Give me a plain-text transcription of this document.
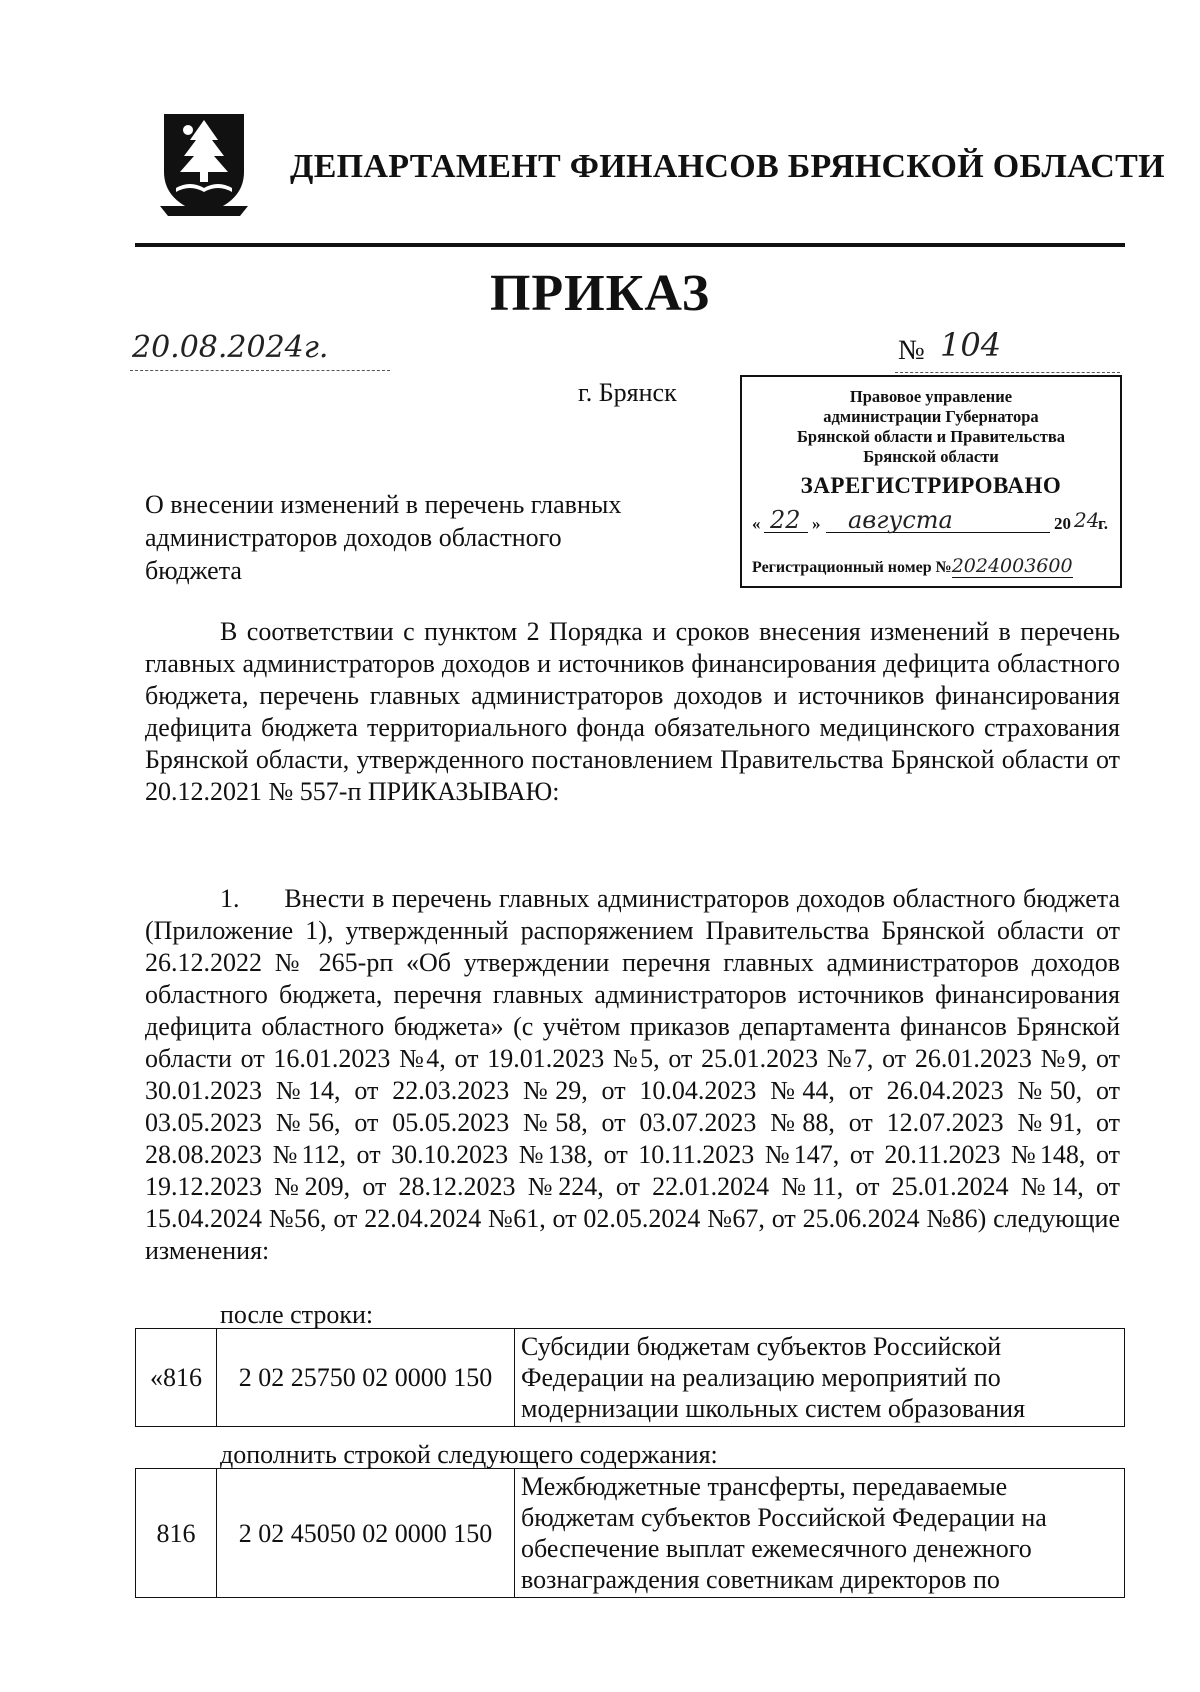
ДЕПАРТАМЕНТ ФИНАНСОВ БРЯНСКОЙ ОБЛАСТИ
ПРИКАЗ
20.08.2024г.	№ 104
г. Брянск	Правовое управление
администрации Губернатора
Брянской области и Правительства
Брянской области
ЗАРЕГИСТРИРОВАНО
« 22 » августа	20 24
г.
Регистрационный номер №2024003600
О внесении изменений в перечень главных администраторов доходов областного бюджета
В соответствии с пунктом 2 Порядка и сроков внесения изменений в перечень главных администраторов доходов и источников финансирования дефицита областного бюджета, перечень главных администраторов доходов и источников финансирования дефицита бюджета территориального фонда обязательного медицинского страхования Брянской области, утвержденного постановлением Правительства Брянской области от 20.12.2021 № 557-п ПРИКАЗЫВАЮ:
1.      Внести в перечень главных администраторов доходов областного бюджета (Приложение 1), утвержденный распоряжением Правительства Брянской области от 26.12.2022 № 265-рп «Об утверждении перечня главных администраторов доходов областного бюджета, перечня главных администраторов источников финансирования дефицита областного бюджета» (с учётом приказов департамента финансов Брянской области от 16.01.2023 №4, от 19.01.2023 №5, от 25.01.2023 №7, от 26.01.2023 №9, от 30.01.2023 №14, от 22.03.2023 №29, от 10.04.2023 №44, от 26.04.2023 №50, от 03.05.2023 №56, от 05.05.2023 №58, от 03.07.2023 №88, от 12.07.2023 №91, от 28.08.2023 №112, от 30.10.2023 №138, от 10.11.2023 №147, от 20.11.2023 №148, от 19.12.2023 №209, от 28.12.2023 №224, от 22.01.2024 №11, от 25.01.2024 №14, от 15.04.2024 №56, от 22.04.2024 №61, от 02.05.2024 №67, от 25.06.2024 №86) следующие изменения:
после строки:
«816	2 02 25750 02 0000 150	Субсидии бюджетам субъектов Российской Федерации на реализацию мероприятий по модернизации школьных систем образования
дополнить строкой следующего содержания:
816	2 02 45050 02 0000 150	Межбюджетные трансферты, передаваемые бюджетам субъектов Российской Федерации на обеспечение выплат ежемесячного денежного вознаграждения советникам директоров по
